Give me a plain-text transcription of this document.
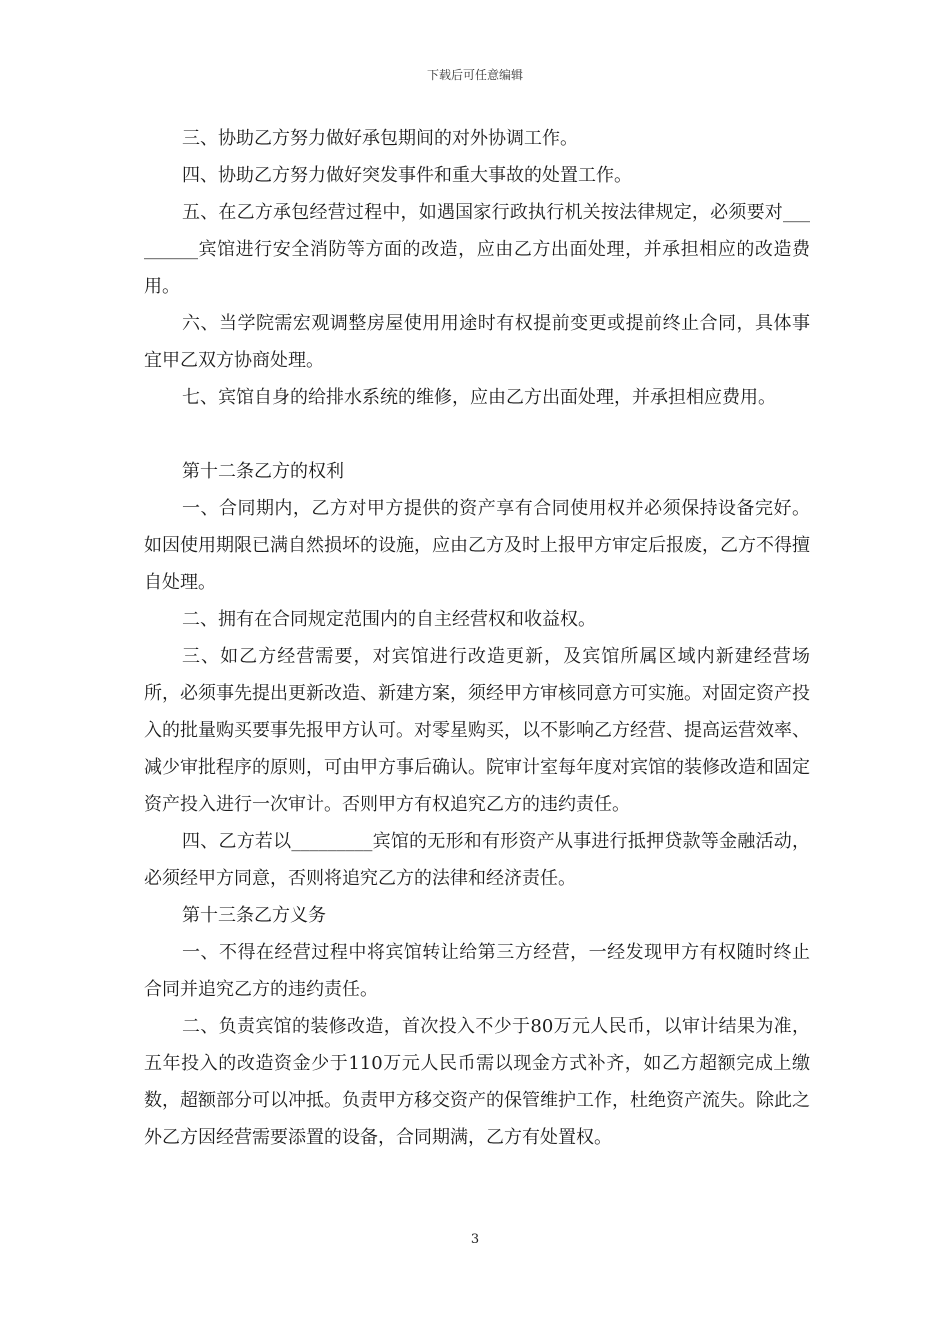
下载后可任意编辑

三、协助乙方努力做好承包期间的对外协调工作。

四、协助乙方努力做好突发事件和重大事故的处置工作。

五、在乙方承包经营过程中，如遇国家行政执行机关按法律规定，必须要对_________宾馆进行安全消防等方面的改造，应由乙方出面处理，并承担相应的改造费用。

六、当学院需宏观调整房屋使用用途时有权提前变更或提前终止合同，具体事宜甲乙双方协商处理。

七、宾馆自身的给排水系统的维修，应由乙方出面处理，并承担相应费用。

第十二条乙方的权利

一、合同期内，乙方对甲方提供的资产享有合同使用权并必须保持设备完好。如因使用期限已满自然损坏的设施，应由乙方及时上报甲方审定后报废，乙方不得擅自处理。

二、拥有在合同规定范围内的自主经营权和收益权。

三、如乙方经营需要，对宾馆进行改造更新，及宾馆所属区域内新建经营场所，必须事先提出更新改造、新建方案，须经甲方审核同意方可实施。对固定资产投入的批量购买要事先报甲方认可。对零星购买，以不影响乙方经营、提高运营效率、减少审批程序的原则，可由甲方事后确认。院审计室每年度对宾馆的装修改造和固定资产投入进行一次审计。否则甲方有权追究乙方的违约责任。

四、乙方若以_________宾馆的无形和有形资产从事进行抵押贷款等金融活动，必须经甲方同意，否则将追究乙方的法律和经济责任。

第十三条乙方义务

一、不得在经营过程中将宾馆转让给第三方经营，一经发现甲方有权随时终止合同并追究乙方的违约责任。

二、负责宾馆的装修改造，首次投入不少于80万元人民币，以审计结果为准，五年投入的改造资金少于110万元人民币需以现金方式补齐，如乙方超额完成上缴数，超额部分可以冲抵。负责甲方移交资产的保管维护工作，杜绝资产流失。除此之外乙方因经营需要添置的设备，合同期满，乙方有处置权。

3
